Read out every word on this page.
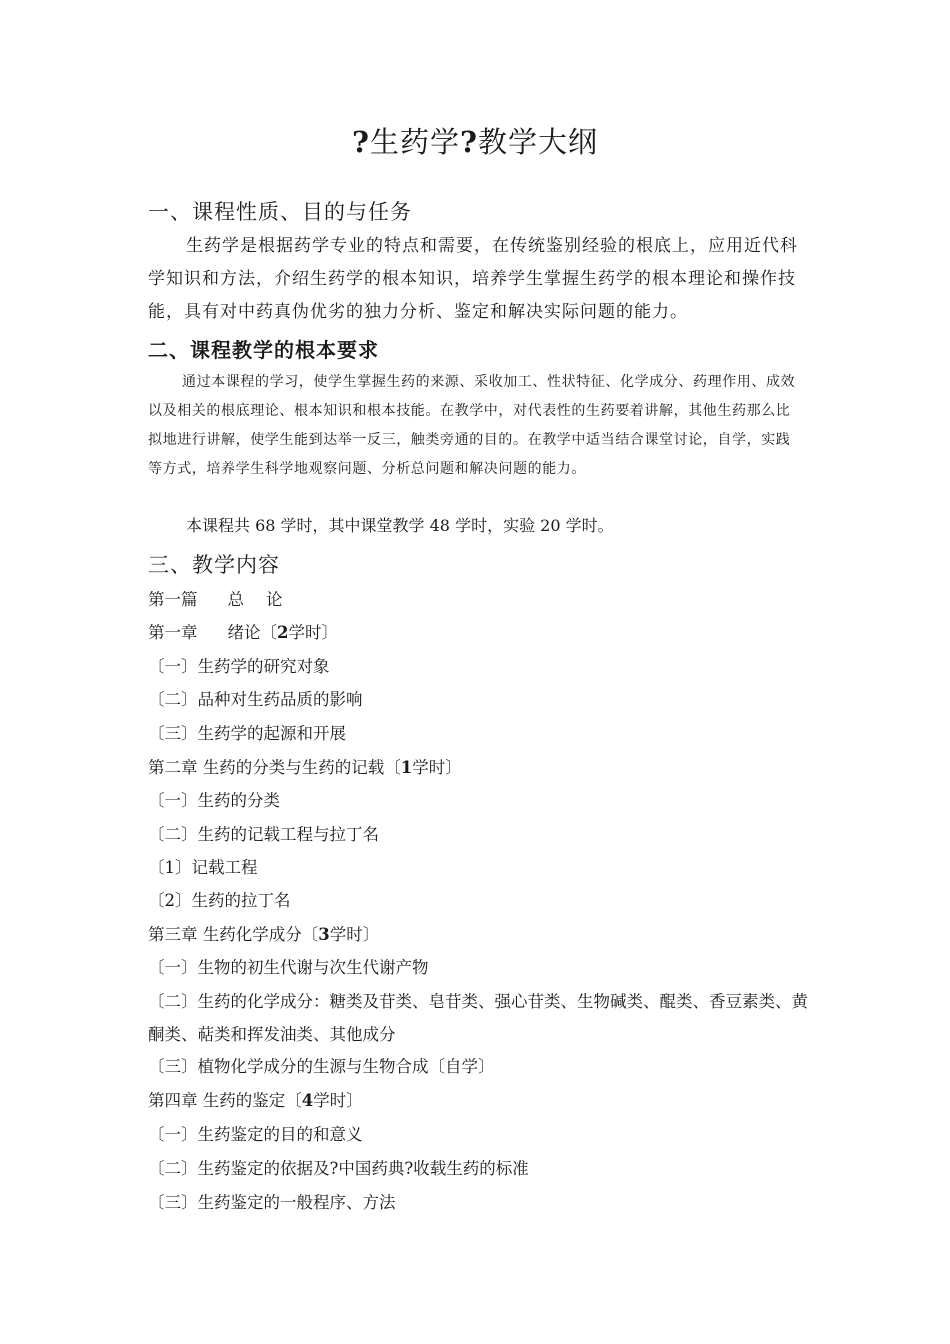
?生药学?教学大纲
一、课程性质、目的与任务
生药学是根据药学专业的特点和需要，在传统鉴别经验的根底上，应用近代科学知识和方法，介绍生药学的根本知识，培养学生掌握生药学的根本理论和操作技能，具有对中药真伪优劣的独力分析、鉴定和解决实际问题的能力。
二、课程教学的根本要求
通过本课程的学习，使学生掌握生药的来源、采收加工、性状特征、化学成分、药理作用、成效以及相关的根底理论、根本知识和根本技能。在教学中，对代表性的生药要着讲解，其他生药那么比拟地进行讲解，使学生能到达举一反三，触类旁通的目的。在教学中适当结合课堂讨论，自学，实践等方式，培养学生科学地观察问题、分析总问题和解决问题的能力。
本课程共 68 学时，其中课堂教学 48 学时，实验 20 学时。
三、教学内容
第一篇 总 论
第一章 绪论〔2学时〕
〔一〕生药学的研究对象
〔二〕品种对生药品质的影响
〔三〕生药学的起源和开展
第二章 生药的分类与生药的记载〔1学时〕
〔一〕生药的分类
〔二〕生药的记载工程与拉丁名
〔1〕记载工程
〔2〕生药的拉丁名
第三章 生药化学成分〔3学时〕
〔一〕生物的初生代谢与次生代谢产物
〔二〕生药的化学成分：糖类及苷类、皂苷类、强心苷类、生物碱类、醌类、香豆素类、黄酮类、萜类和挥发油类、其他成分
〔三〕植物化学成分的生源与生物合成〔自学〕
第四章 生药的鉴定〔4学时〕
〔一〕生药鉴定的目的和意义
〔二〕生药鉴定的依据及?中国药典?收载生药的标准
〔三〕生药鉴定的一般程序、方法
